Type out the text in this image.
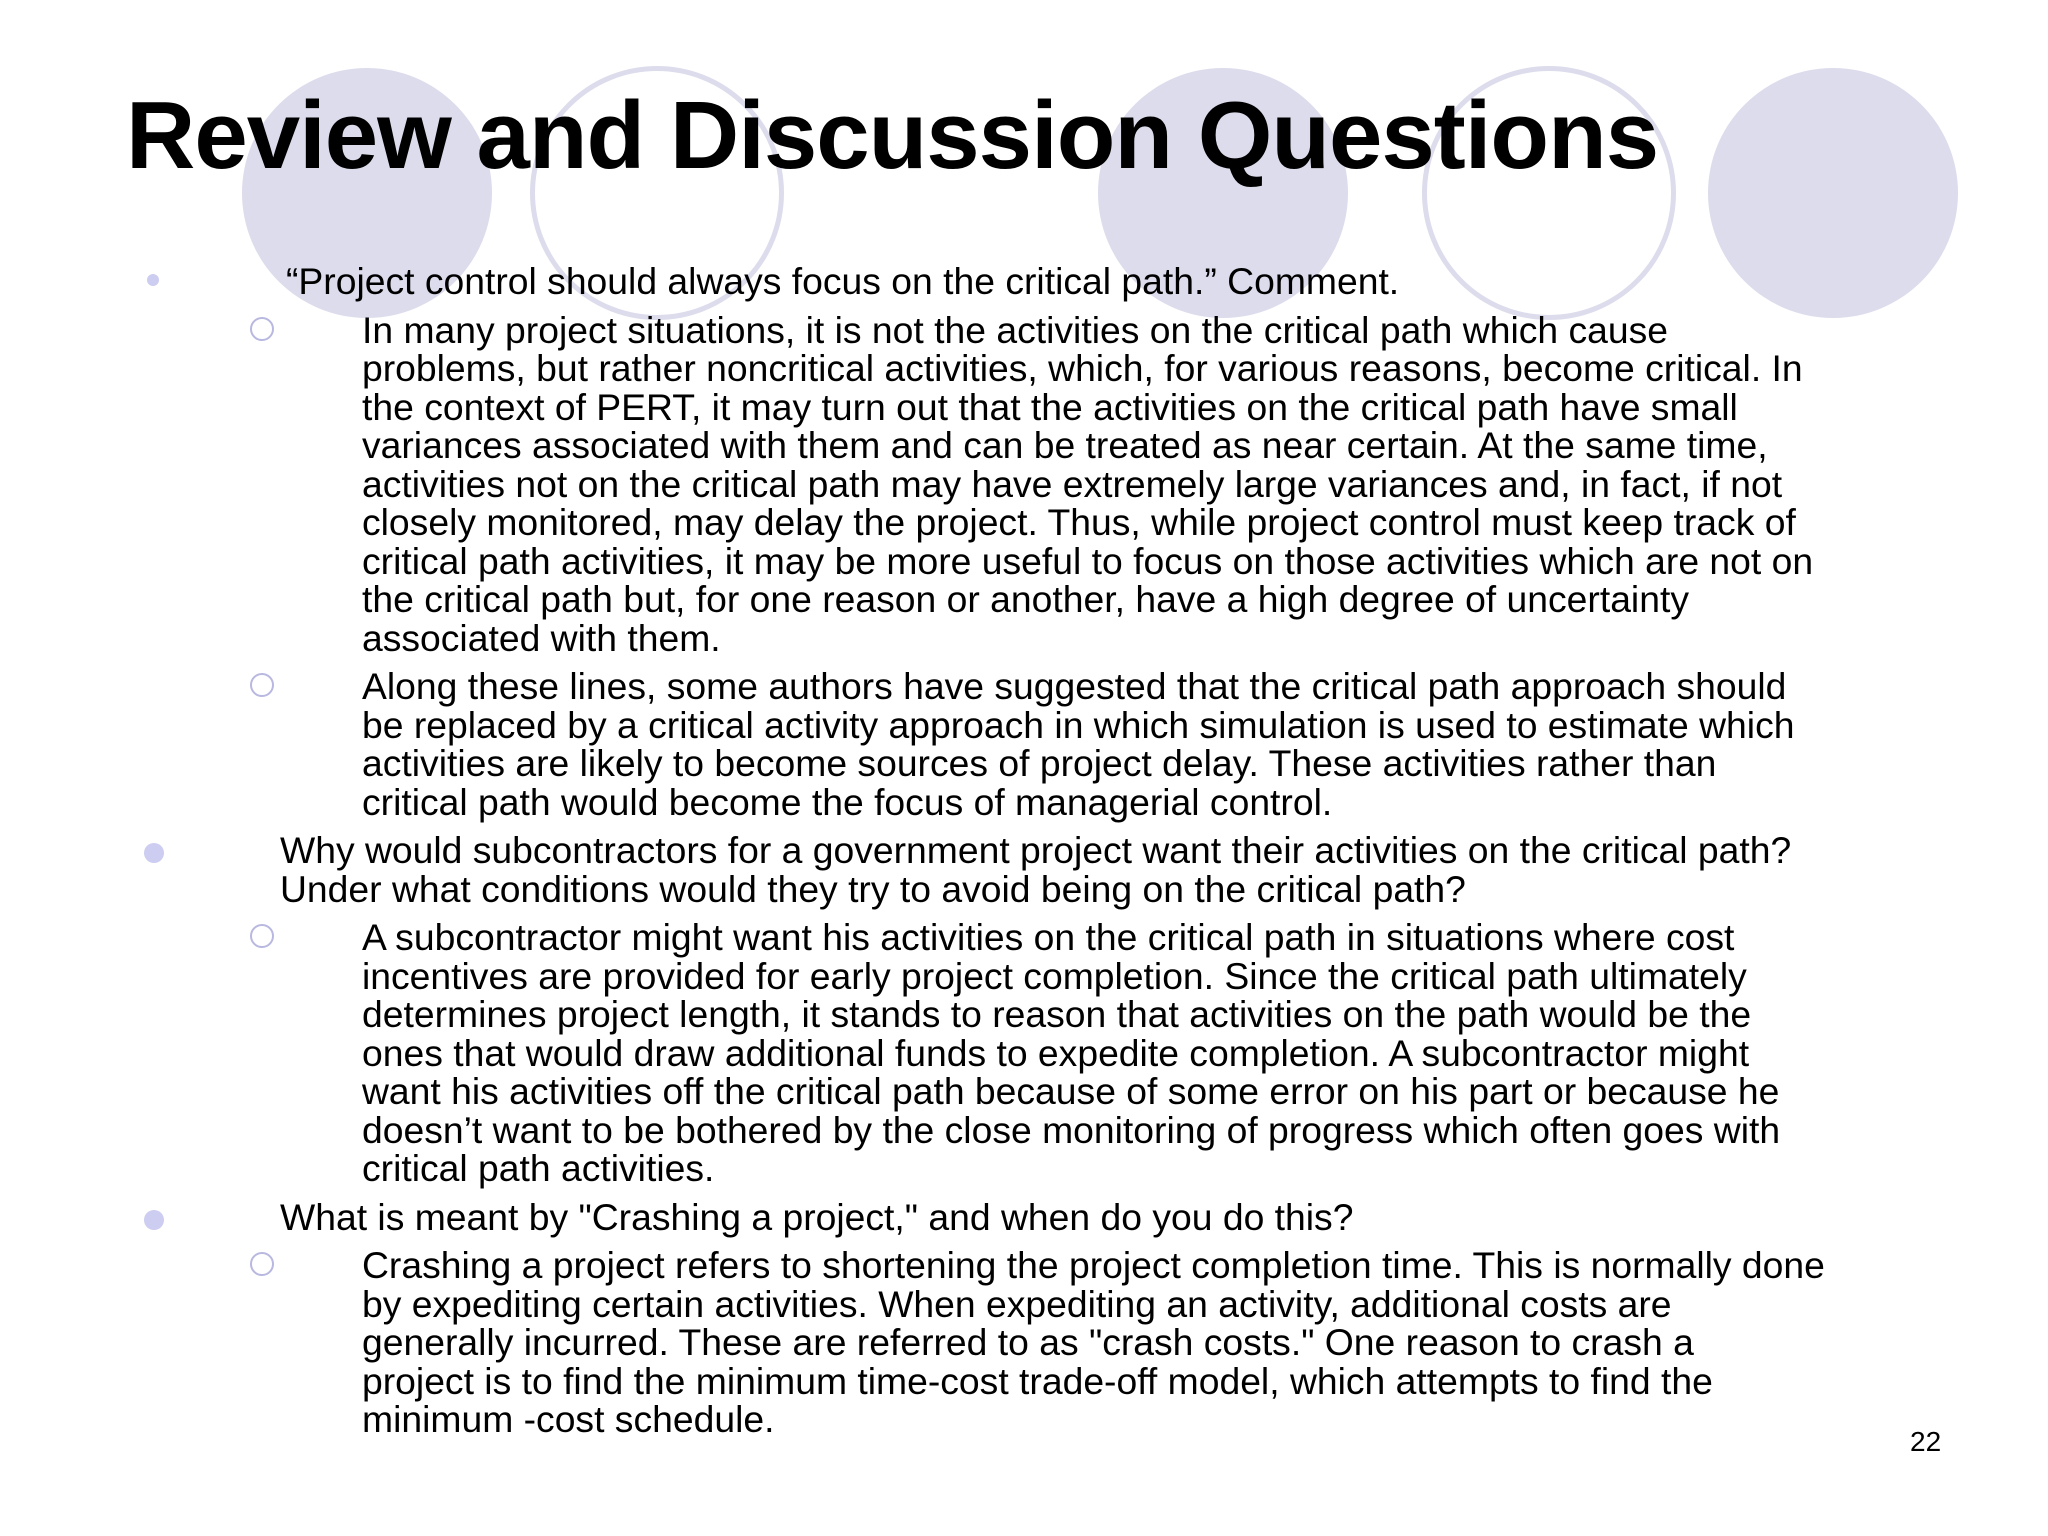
Review and Discussion Questions
“Project control should always focus on the critical path.” Comment.
In many project situations, it is not the activities on the critical path which cause
problems, but rather noncritical activities, which, for various reasons, become critical. In
the context of PERT, it may turn out that the activities on the critical path have small
variances associated with them and can be treated as near certain. At the same time,
activities not on the critical path may have extremely large variances and, in fact, if not
closely monitored, may delay the project. Thus, while project control must keep track of
critical path activities, it may be more useful to focus on those activities which are not on
the critical path but, for one reason or another, have a high degree of uncertainty
associated with them.
Along these lines, some authors have suggested that the critical path approach should
be replaced by a critical activity approach in which simulation is used to estimate which
activities are likely to become sources of project delay. These activities rather than
critical path would become the focus of managerial control.
Why would subcontractors for a government project want their activities on the critical path?
Under what conditions would they try to avoid being on the critical path?
A subcontractor might want his activities on the critical path in situations where cost
incentives are provided for early project completion. Since the critical path ultimately
determines project length, it stands to reason that activities on the path would be the
ones that would draw additional funds to expedite completion. A subcontractor might
want his activities off the critical path because of some error on his part or because he
doesn’t want to be bothered by the close monitoring of progress which often goes with
critical path activities.
What is meant by "Crashing a project," and when do you do this?
Crashing a project refers to shortening the project completion time. This is normally done
by expediting certain activities. When expediting an activity, additional costs are
generally incurred. These are referred to as "crash costs." One reason to crash a
project is to find the minimum time-cost trade-off model, which attempts to find the
minimum -cost schedule.
22
